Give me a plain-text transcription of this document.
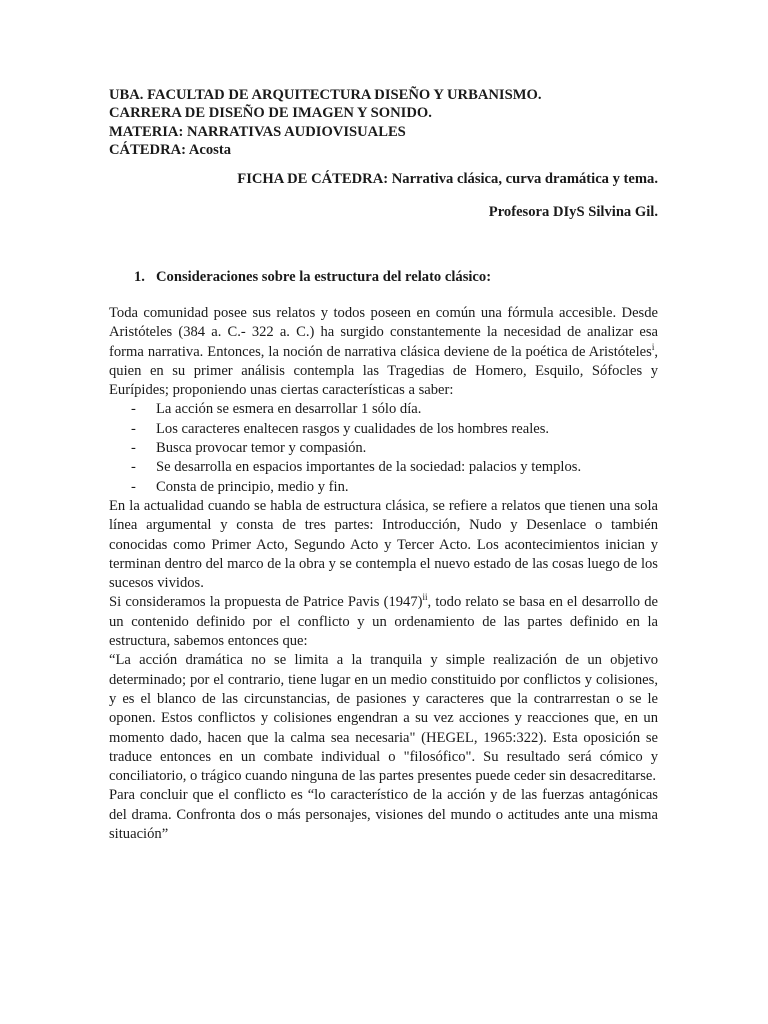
UBA. FACULTAD DE ARQUITECTURA DISEÑO Y URBANISMO.
CARRERA DE DISEÑO DE IMAGEN Y SONIDO.
MATERIA: NARRATIVAS AUDIOVISUALES
CÁTEDRA: Acosta
FICHA DE CÁTEDRA: Narrativa clásica, curva dramática y tema.
Profesora DIyS Silvina Gil.
1. Consideraciones sobre la estructura del relato clásico:

Toda comunidad posee sus relatos y todos poseen en común una fórmula accesible. Desde Aristóteles (384 a. C.- 322 a. C.) ha surgido constantemente la necesidad de analizar esa forma narrativa. Entonces, la noción de narrativa clásica deviene de la poética de Aristóteles$^i$, quien en su primer análisis contempla las Tragedias de Homero, Esquilo, Sófocles y Eurípides; proponiendo unas ciertas características a saber:

- La acción se esmera en desarrollar 1 sólo día.
- Los caracteres enaltecen rasgos y cualidades de los hombres reales.
- Busca provocar temor y compasión.
- Se desarrolla en espacios importantes de la sociedad: palacios y templos.
- Consta de principio, medio y fin.

En la actualidad cuando se habla de estructura clásica, se refiere a relatos que tienen una sola línea argumental y consta de tres partes: Introducción, Nudo y Desenlace o también conocidas como Primer Acto, Segundo Acto y Tercer Acto. Los acontecimientos inician y terminan dentro del marco de la obra y se contempla el nuevo estado de las cosas luego de los sucesos vividos.

Si consideramos la propuesta de Patrice Pavis $(1947)^{ii}$, todo relato se basa en el desarrollo de un contenido definido por el conflicto y un ordenamiento de las partes definido en la estructura, sabemos entonces que:

“La acción dramática no se limita a la tranquila y simple realización de un objetivo determinado; por el contrario, tiene lugar en un medio constituido por conflictos y colisiones, y es el blanco de las circunstancias, de pasiones y caracteres que la contrarrestan o se le oponen. Estos conflictos y colisiones engendran a su vez acciones y reacciones que, en un momento dado, hacen que la calma sea necesaria" (HEGEL, 1965:322). Esta oposición se traduce entonces en un combate individual o "filosófico". Su resultado será cómico y conciliatorio, o trágico cuando ninguna de las partes presentes puede ceder sin desacreditarse.

Para concluir que el conflicto es “lo característico de la acción y de las fuerzas antagónicas del drama. Confronta dos o más personajes, visiones del mundo o actitudes ante una misma situación”
